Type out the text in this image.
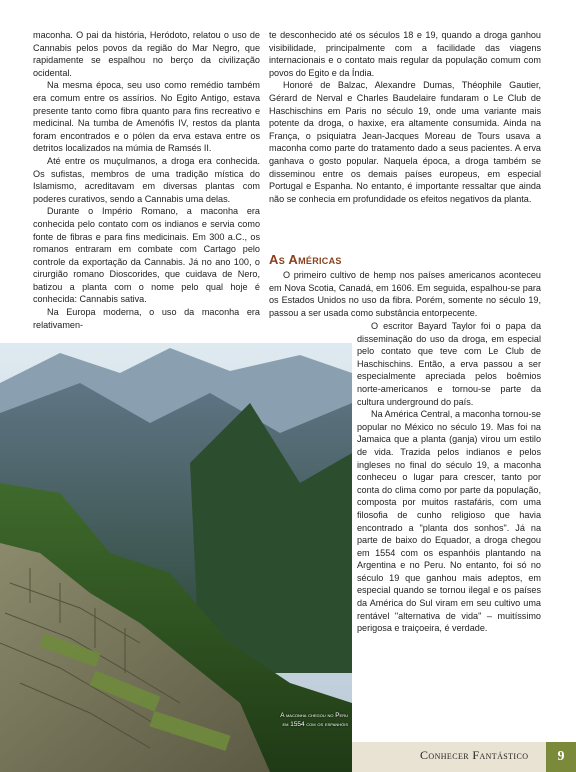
maconha. O pai da história, Heródoto, relatou o uso de Cannabis pelos povos da região do Mar Negro, que rapidamente se espalhou no berço da civilização ocidental.

Na mesma época, seu uso como remédio também era comum entre os assírios. No Egito Antigo, estava presente tanto como fibra quanto para fins recreativo e medicinal. Na tumba de Amenófis IV, restos da planta foram encontrados e o pólen da erva estava entre os detritos localizados na múmia de Ramsés II.

Até entre os muçulmanos, a droga era conhecida. Os sufistas, membros de uma tradição mística do Islamismo, acreditavam em diversas plantas com poderes curativos, sendo a Cannabis uma delas.

Durante o Império Romano, a maconha era conhecida pelo contato com os indianos e servia como fonte de fibras e para fins medicinais. Em 300 a.C., os romanos entraram em combate com Cartago pelo controle da exportação da Cannabis. Já no ano 100, o cirurgião romano Dioscorides, que cuidava de Nero, batizou a planta com o nome pelo qual hoje é conhecida: Cannabis sativa.

Na Europa moderna, o uso da maconha era relativamen-

te desconhecido até os séculos 18 e 19, quando a droga ganhou visibilidade, principalmente com a facilidade das viagens internacionais e o contato mais regular da população comum com povos do Egito e da Índia.

Honoré de Balzac, Alexandre Dumas, Théophile Gautier, Gérard de Nerval e Charles Baudelaire fundaram o Le Club de Haschischins em Paris no século 19, onde uma variante mais potente da droga, o haxixe, era altamente consumida. Ainda na França, o psiquiatra Jean-Jacques Moreau de Tours usava a maconha como parte do tratamento dado a seus pacientes. A erva ganhava o gosto popular. Naquela época, a droga também se disseminou entre os demais países europeus, em especial Portugal e Espanha. No entanto, é importante ressaltar que ainda não se conhecia em profundidade os efeitos negativos da planta.

As Américas

O primeiro cultivo de hemp nos países americanos aconteceu em Nova Scotia, Canadá, em 1606. Em seguida, espalhou-se para os Estados Unidos no uso da fibra. Porém, somente no século 19, passou a ser usada como substância entorpecente.

O escritor Bayard Taylor foi o papa da disseminação do uso da droga, em especial pelo contato que teve com Le Club de Haschischins. Então, a erva passou a ser especialmente apreciada pelos boêmios norte-americanos e tornou-se parte da cultura underground do país.

Na América Central, a maconha tornou-se popular no México no século 19. Mas foi na Jamaica que a planta (ganja) virou um estilo de vida. Trazida pelos indianos e pelos ingleses no final do século 19, a maconha conheceu o lugar para crescer, tanto por conta do clima como por parte da população, composta por muitos rastafáris, com uma filosofia de cunho religioso que havia encontrado a "planta dos sonhos". Já na parte de baixo do Equador, a droga chegou em 1554 com os espanhóis plantando na Argentina e no Peru. No entanto, foi só no século 19 que ganhou mais adeptos, em especial quando se tornou ilegal e os países da América do Sul viram em seu cultivo uma rentável "alternativa de vida" – muitíssimo perigosa e traiçoeira, é verdade.

A maconha chegou no Peru em 1554 com os espanhóis
Conhecer Fantástico	9
